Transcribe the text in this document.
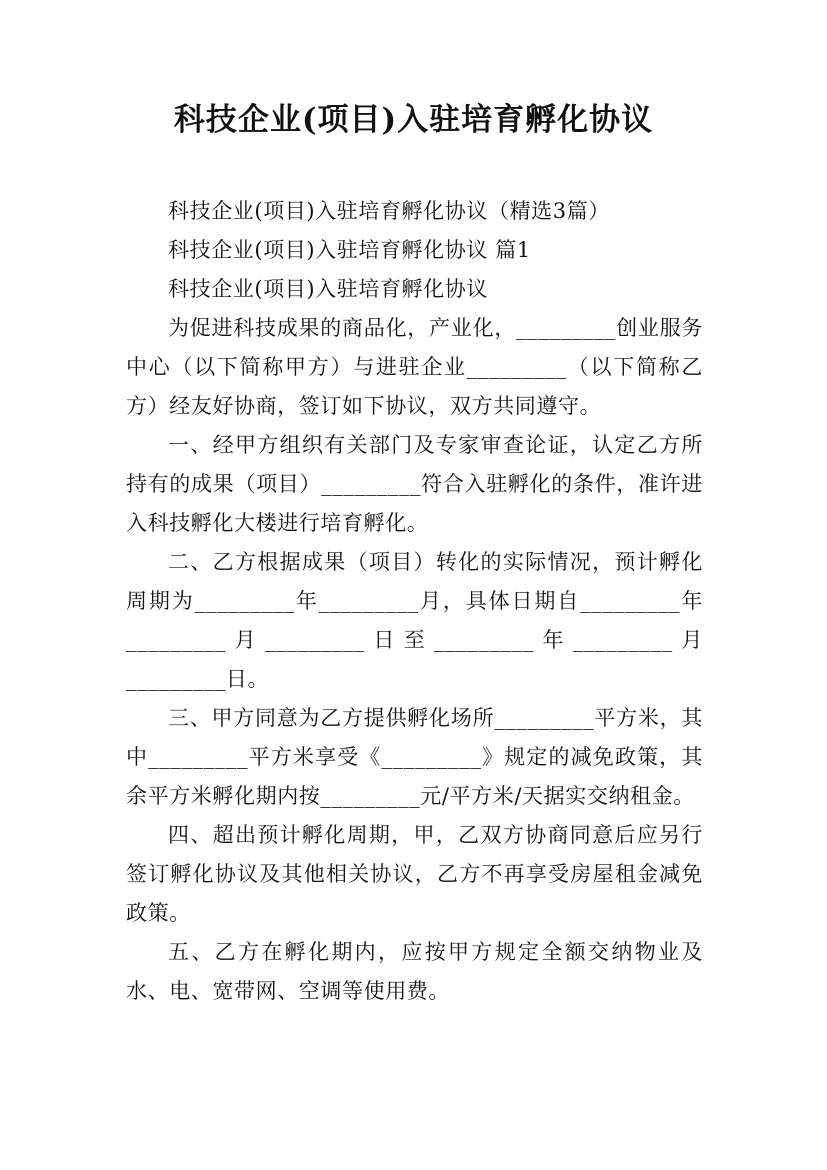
科技企业(项目)入驻培育孵化协议

科技企业(项目)入驻培育孵化协议（精选3篇）

科技企业(项目)入驻培育孵化协议 篇1

科技企业(项目)入驻培育孵化协议

为促进科技成果的商品化，产业化，_________创业服务中心（以下简称甲方）与进驻企业_________（以下简称乙方）经友好协商，签订如下协议，双方共同遵守。

一、经甲方组织有关部门及专家审查论证，认定乙方所持有的成果（项目）_________符合入驻孵化的条件，准许进入科技孵化大楼进行培育孵化。

二、乙方根据成果（项目）转化的实际情况，预计孵化周期为_________年_________月，具体日期自_________年_________月_________日至_________年_________月_________日。

三、甲方同意为乙方提供孵化场所_________平方米，其中_________平方米享受《_________》规定的减免政策，其余平方米孵化期内按_________元/平方米/天据实交纳租金。

四、超出预计孵化周期，甲，乙双方协商同意后应另行签订孵化协议及其他相关协议，乙方不再享受房屋租金减免政策。

五、乙方在孵化期内，应按甲方规定全额交纳物业及水、电、宽带网、空调等使用费。
